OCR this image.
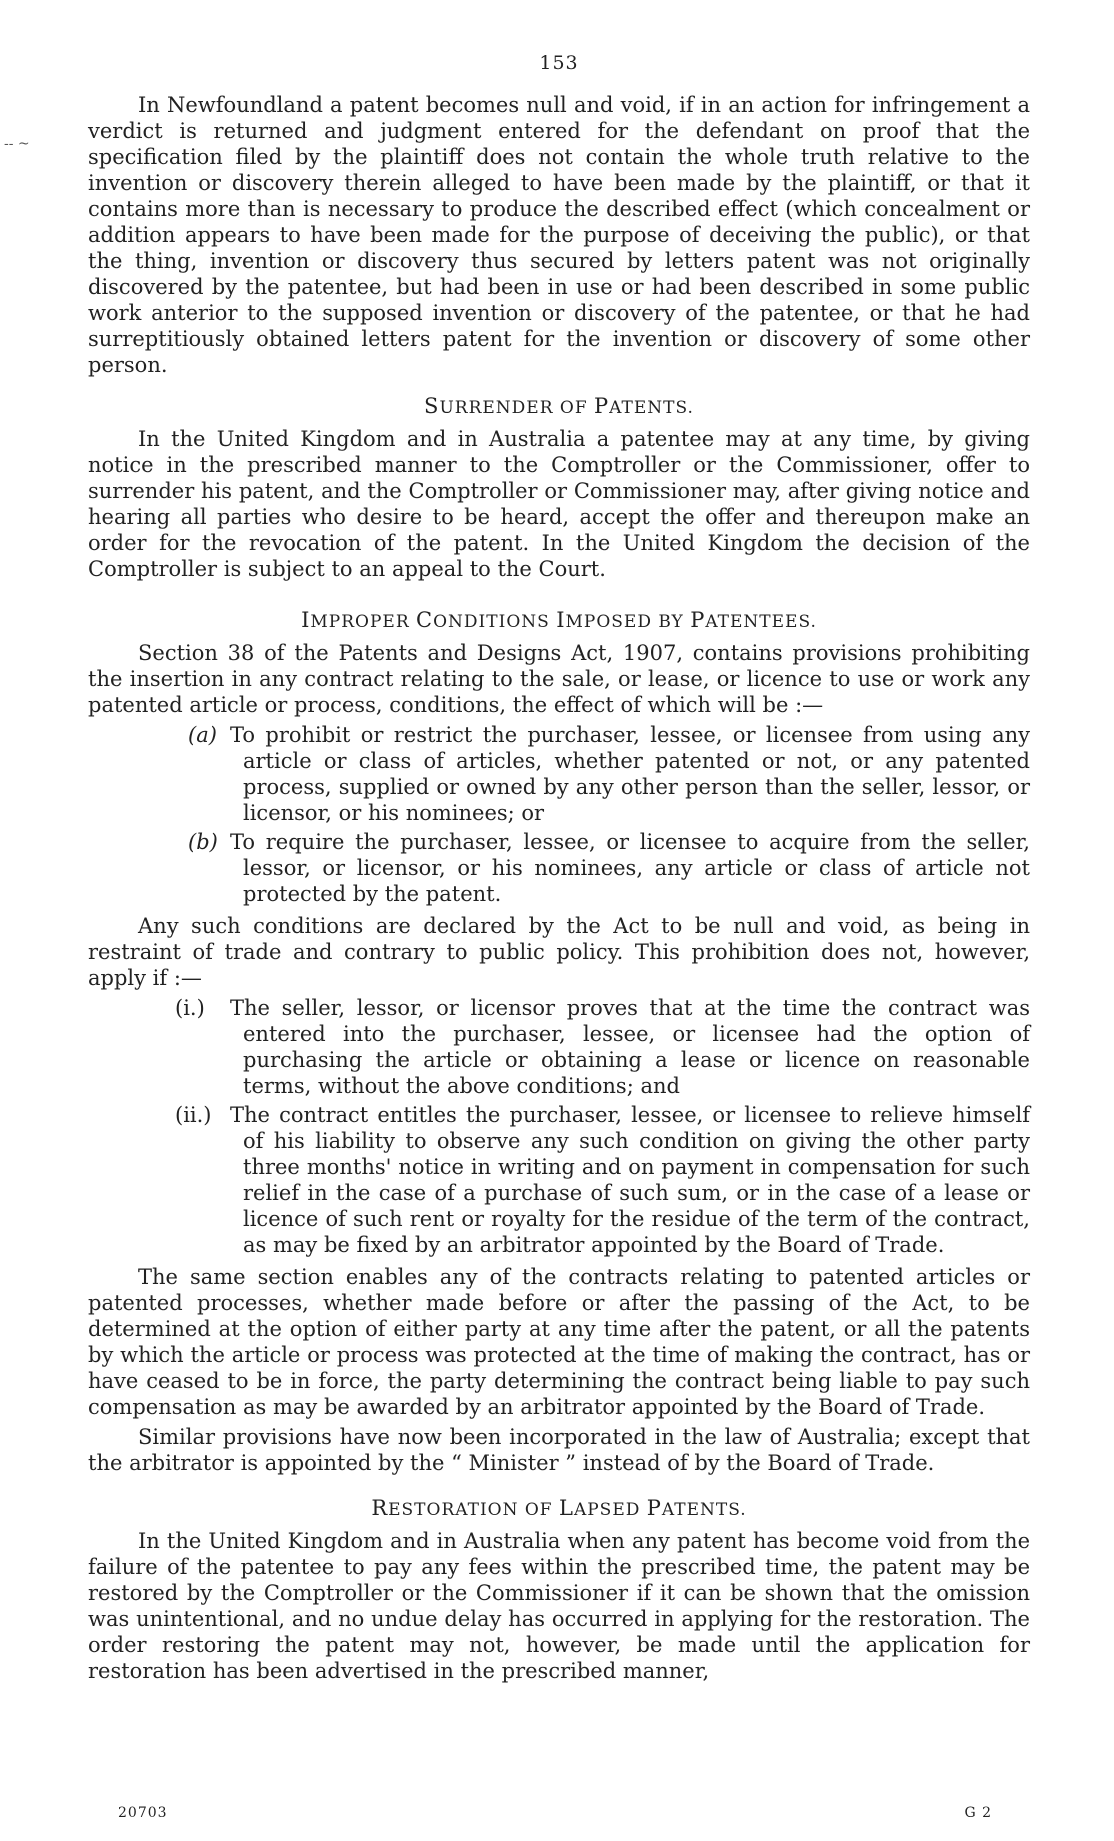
-- ~
153

In Newfoundland a patent becomes null and void, if in an action for infringement a verdict is returned and judgment entered for the defendant on proof that the specification filed by the plaintiff does not contain the whole truth relative to the invention or discovery therein alleged to have been made by the plaintiff, or that it contains more than is necessary to produce the described effect (which concealment or addition appears to have been made for the purpose of deceiving the public), or that the thing, invention or discovery thus secured by letters patent was not originally discovered by the patentee, but had been in use or had been described in some public work anterior to the supposed invention or discovery of the patentee, or that he had surreptitiously obtained letters patent for the invention or discovery of some other person.

SURRENDER OF PATENTS.

In the United Kingdom and in Australia a patentee may at any time, by giving notice in the prescribed manner to the Comptroller or the Commissioner, offer to surrender his patent, and the Comptroller or Commissioner may, after giving notice and hearing all parties who desire to be heard, accept the offer and thereupon make an order for the revocation of the patent. In the United Kingdom the decision of the Comptroller is subject to an appeal to the Court.

IMPROPER CONDITIONS IMPOSED BY PATENTEES.

Section 38 of the Patents and Designs Act, 1907, contains provisions prohibiting the insertion in any contract relating to the sale, or lease, or licence to use or work any patented article or process, conditions, the effect of which will be :—

(a) To prohibit or restrict the purchaser, lessee, or licensee from using any article or class of articles, whether patented or not, or any patented process, supplied or owned by any other person than the seller, lessor, or licensor, or his nominees; or

(b) To require the purchaser, lessee, or licensee to acquire from the seller, lessor, or licensor, or his nominees, any article or class of article not protected by the patent.

Any such conditions are declared by the Act to be null and void, as being in restraint of trade and contrary to public policy. This prohibition does not, however, apply if :—

(i.) The seller, lessor, or licensor proves that at the time the contract was entered into the purchaser, lessee, or licensee had the option of purchasing the article or obtaining a lease or licence on reasonable terms, without the above conditions; and

(ii.) The contract entitles the purchaser, lessee, or licensee to relieve himself of his liability to observe any such condition on giving the other party three months' notice in writing and on payment in compensation for such relief in the case of a purchase of such sum, or in the case of a lease or licence of such rent or royalty for the residue of the term of the contract, as may be fixed by an arbitrator appointed by the Board of Trade.

The same section enables any of the contracts relating to patented articles or patented processes, whether made before or after the passing of the Act, to be determined at the option of either party at any time after the patent, or all the patents by which the article or process was protected at the time of making the contract, has or have ceased to be in force, the party determining the contract being liable to pay such compensation as may be awarded by an arbitrator appointed by the Board of Trade.

Similar provisions have now been incorporated in the law of Australia; except that the arbitrator is appointed by the “ Minister ” instead of by the Board of Trade.

RESTORATION OF LAPSED PATENTS.

In the United Kingdom and in Australia when any patent has become void from the failure of the patentee to pay any fees within the prescribed time, the patent may be restored by the Comptroller or the Commissioner if it can be shown that the omission was unintentional, and no undue delay has occurred in applying for the restoration. The order restoring the patent may not, however, be made until the application for restoration has been advertised in the prescribed manner,

20703	G 2
